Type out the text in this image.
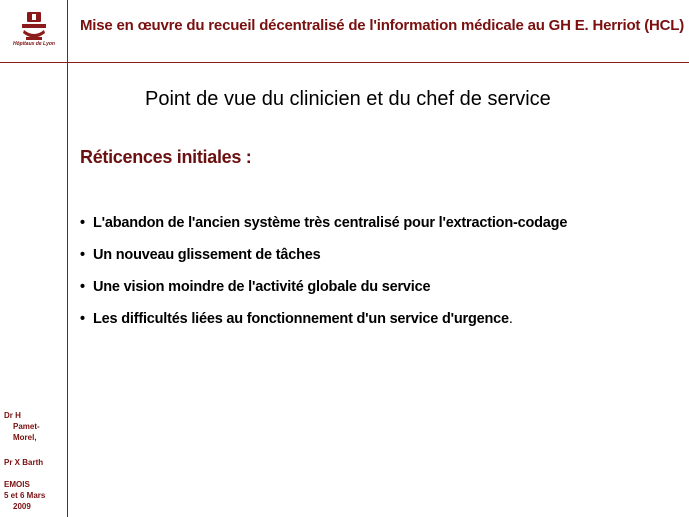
Hôpitaux de Lyon
Mise en œuvre du recueil décentralisé de l'information médicale au GH E. Herriot (HCL)
Point de vue du clinicien et du chef de service
Réticences initiales :
• L'abandon de l'ancien système très centralisé pour l'extraction-codage
• Un nouveau glissement de tâches
• Une vision moindre de l'activité globale du service
• Les difficultés liées au fonctionnement d'un service d'urgence.
Dr H
Pamet-
Morel,
Pr X Barth
EMOIS
5 et 6 Mars
2009
